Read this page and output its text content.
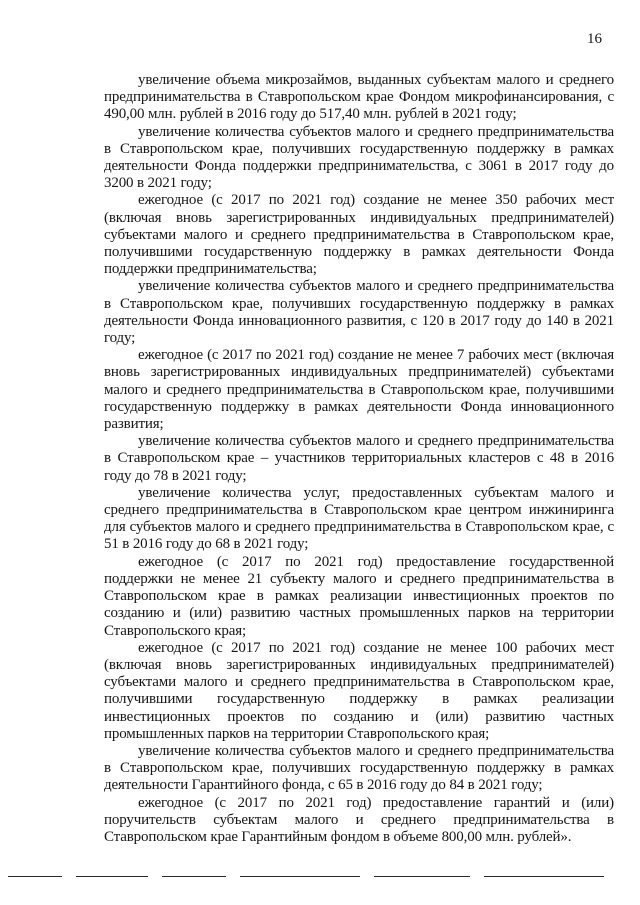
16

увеличение объема микрозаймов, выданных субъектам малого и среднего предпринимательства в Ставропольском крае Фондом микрофинансирования, с 490,00 млн. рублей в 2016 году до 517,40 млн. рублей в 2021 году;

увеличение количества субъектов малого и среднего предпринимательства в Ставропольском крае, получивших государственную поддержку в рамках деятельности Фонда поддержки предпринимательства, с 3061 в 2017 году до 3200 в 2021 году;

ежегодное (с 2017 по 2021 год) создание не менее 350 рабочих мест (включая вновь зарегистрированных индивидуальных предпринимателей) субъектами малого и среднего предпринимательства в Ставропольском крае, получившими государственную поддержку в рамках деятельности Фонда поддержки предпринимательства;

увеличение количества субъектов малого и среднего предпринимательства в Ставропольском крае, получивших государственную поддержку в рамках деятельности Фонда инновационного развития, с 120 в 2017 году до 140 в 2021 году;

ежегодное (с 2017 по 2021 год) создание не менее 7 рабочих мест (включая вновь зарегистрированных индивидуальных предпринимателей) субъектами малого и среднего предпринимательства в Ставропольском крае, получившими государственную поддержку в рамках деятельности Фонда инновационного развития;

увеличение количества субъектов малого и среднего предпринимательства в Ставропольском крае – участников территориальных кластеров с 48 в 2016 году до 78 в 2021 году;

увеличение количества услуг, предоставленных субъектам малого и среднего предпринимательства в Ставропольском крае центром инжиниринга для субъектов малого и среднего предпринимательства в Ставропольском крае, с 51 в 2016 году до 68 в 2021 году;

ежегодное (с 2017 по 2021 год) предоставление государственной поддержки не менее 21 субъекту малого и среднего предпринимательства в Ставропольском крае в рамках реализации инвестиционных проектов по созданию и (или) развитию частных промышленных парков на территории Ставропольского края;

ежегодное (с 2017 по 2021 год) создание не менее 100 рабочих мест (включая вновь зарегистрированных индивидуальных предпринимателей) субъектами малого и среднего предпринимательства в Ставропольском крае, получившими государственную поддержку в рамках реализации инвестиционных проектов по созданию и (или) развитию частных промышленных парков на территории Ставропольского края;

увеличение количества субъектов малого и среднего предпринимательства в Ставропольском крае, получивших государственную поддержку в рамках деятельности Гарантийного фонда, с 65 в 2016 году до 84 в 2021 году;

ежегодное (с 2017 по 2021 год) предоставление гарантий и (или) поручительств субъектам малого и среднего предпринимательства в Ставропольском крае Гарантийным фондом в объеме 800,00 млн. рублей».
